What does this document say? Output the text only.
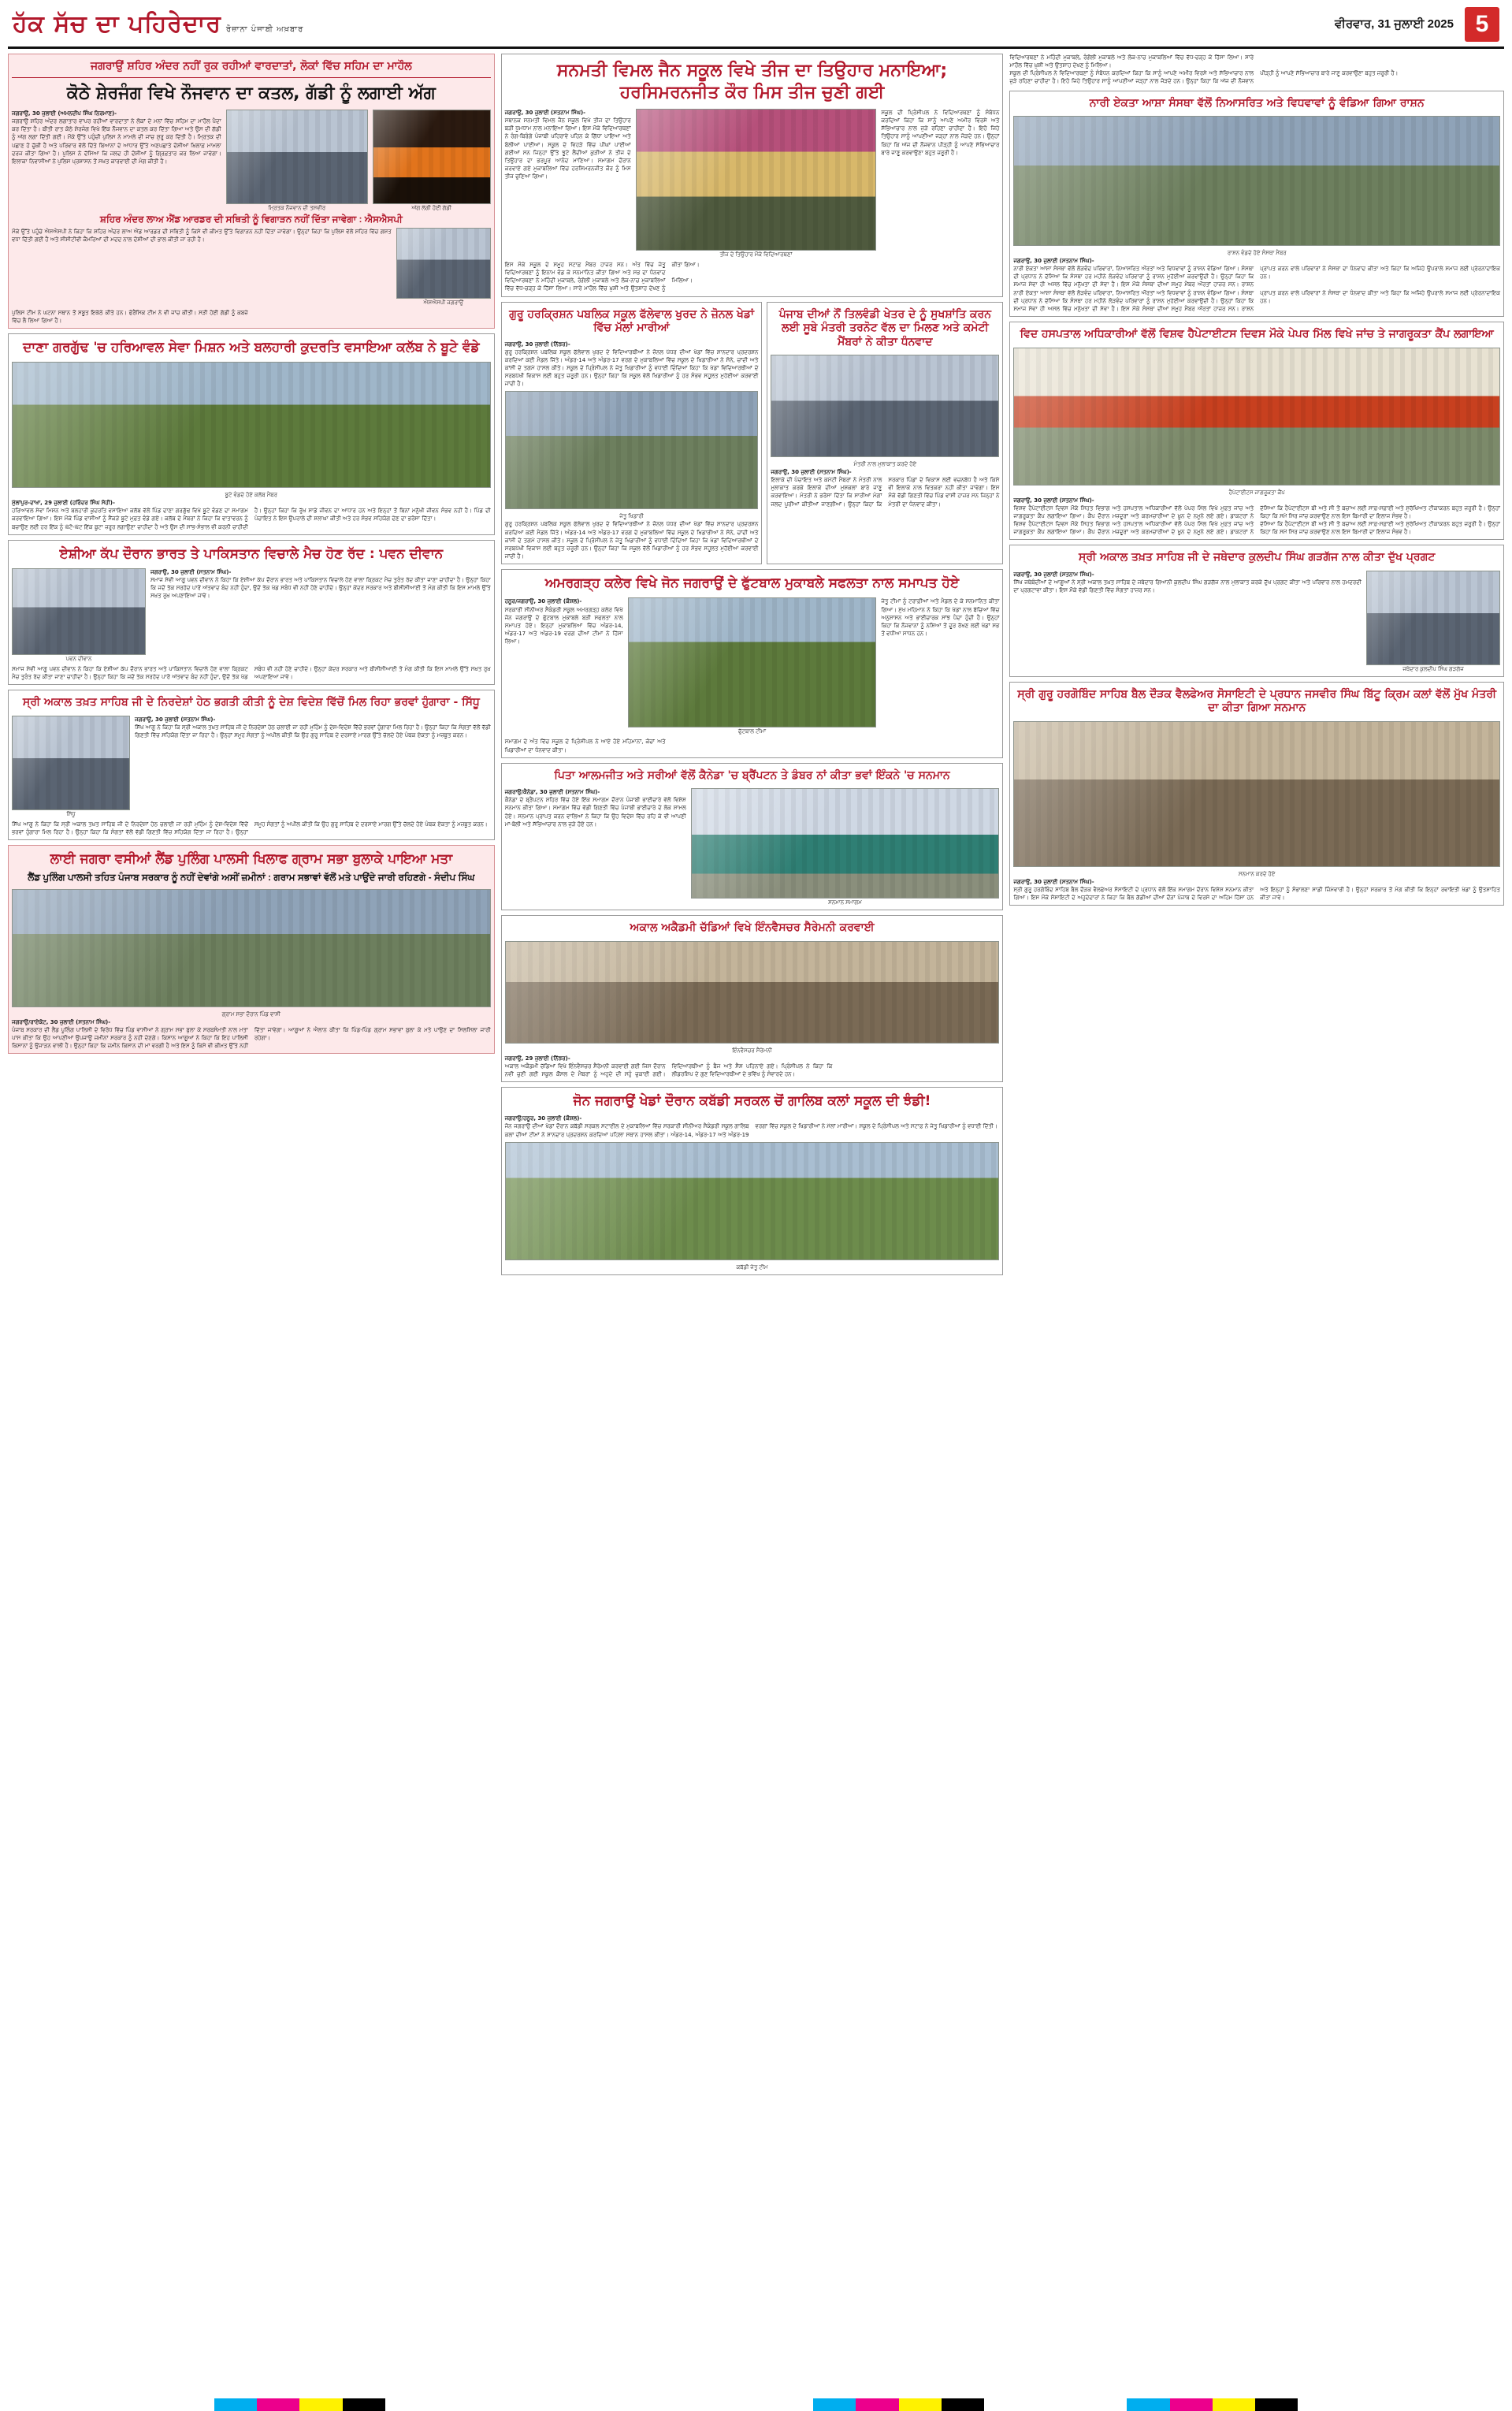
ਹੱਕ ਸੱਚ ਦਾ ਪਹਿਰੇਦਾਰ ਰੋਜ਼ਾਨਾ ਪੰਜਾਬੀ ਅਖ਼ਬਾਰ	ਵੀਰਵਾਰ, 31 ਜੁਲਾਈ 2025 5
ਜਗਰਾਉਂ ਸ਼ਹਿਰ ਅੰਦਰ ਨਹੀਂ ਰੁਕ ਰਹੀਆਂ ਵਾਰਦਾਤਾਂ, ਲੋਕਾਂ ਵਿੱਚ ਸਹਿਮ ਦਾ ਮਾਹੌਲ
ਕੋਠੇ ਸ਼ੇਰਜੰਗ ਵਿਖੇ ਨੌਜਵਾਨ ਦਾ ਕਤਲ, ਗੱਡੀ ਨੂੰ ਲਗਾਈ ਅੱਗ
ਜਗਰਾਉਂ, 30 ਜੁਲਾਈ (ਅਮਨਦੀਪ ਸਿੰਘ ਨਿਰਮਾਣ)-
ਜਗਰਾਉਂ ਸ਼ਹਿਰ ਅੰਦਰ ਲਗਾਤਾਰ ਵਾਪਰ ਰਹੀਆਂ ਵਾਰਦਾਤਾਂ ਨੇ ਲੋਕਾਂ ਦੇ ਮਨਾਂ ਵਿੱਚ ਸਹਿਮ ਦਾ ਮਾਹੌਲ ਪੈਦਾ ਕਰ ਦਿੱਤਾ ਹੈ। ਬੀਤੀ ਰਾਤ ਕੋਠੇ ਸ਼ੇਰਜੰਗ ਵਿਖੇ ਇੱਕ ਨੌਜਵਾਨ ਦਾ ਕਤਲ ਕਰ ਦਿੱਤਾ ਗਿਆ ਅਤੇ ਉਸ ਦੀ ਗੱਡੀ ਨੂੰ ਅੱਗ ਲਗਾ ਦਿੱਤੀ ਗਈ। ਮੌਕੇ ਉੱਤੇ ਪਹੁੰਚੀ ਪੁਲਿਸ ਨੇ ਮਾਮਲੇ ਦੀ ਜਾਂਚ ਸ਼ੁਰੂ ਕਰ ਦਿੱਤੀ ਹੈ। ਮ੍ਰਿਤਕ ਦੀ ਪਛਾਣ ਹੋ ਚੁੱਕੀ ਹੈ ਅਤੇ ਪਰਿਵਾਰ ਵੱਲੋਂ ਦਿੱਤੇ ਬਿਆਨਾਂ ਦੇ ਆਧਾਰ ਉੱਤੇ ਅਣਪਛਾਤੇ ਦੋਸ਼ੀਆਂ ਖ਼ਿਲਾਫ਼ ਮਾਮਲਾ ਦਰਜ ਕੀਤਾ ਗਿਆ ਹੈ। ਪੁਲਿਸ ਨੇ ਦੱਸਿਆ ਕਿ ਜਲਦ ਹੀ ਦੋਸ਼ੀਆਂ ਨੂੰ ਗ੍ਰਿਫ਼ਤਾਰ ਕਰ ਲਿਆ ਜਾਵੇਗਾ। ਇਲਾਕਾ ਨਿਵਾਸੀਆਂ ਨੇ ਪੁਲਿਸ ਪ੍ਰਸ਼ਾਸਨ ਤੋਂ ਸਖ਼ਤ ਕਾਰਵਾਈ ਦੀ ਮੰਗ ਕੀਤੀ ਹੈ।
ਮ੍ਰਿਤਕ ਨੌਜਵਾਨ ਦੀ ਤਸਵੀਰ	ਅੱਗ ਲੱਗੀ ਹੋਈ ਗੱਡੀ
ਸ਼ਹਿਰ ਅੰਦਰ ਲਾਅ ਐਂਡ ਆਰਡਰ ਦੀ ਸਥਿਤੀ ਨੂੰ ਵਿਗਾੜਨ ਨਹੀਂ ਦਿੱਤਾ ਜਾਵੇਗਾ : ਐਸਐਸਪੀ
ਮੌਕੇ ਉੱਤੇ ਪਹੁੰਚੇ ਐਸਐਸਪੀ ਨੇ ਕਿਹਾ ਕਿ ਸ਼ਹਿਰ ਅੰਦਰ ਲਾਅ ਐਂਡ ਆਰਡਰ ਦੀ ਸਥਿਤੀ ਨੂੰ ਕਿਸੇ ਵੀ ਕੀਮਤ ਉੱਤੇ ਵਿਗਾੜਨ ਨਹੀਂ ਦਿੱਤਾ ਜਾਵੇਗਾ। ਉਨ੍ਹਾਂ ਕਿਹਾ ਕਿ ਪੁਲਿਸ ਵੱਲੋਂ ਸ਼ਹਿਰ ਵਿੱਚ ਗਸ਼ਤ ਵਧਾ ਦਿੱਤੀ ਗਈ ਹੈ ਅਤੇ ਸੀਸੀਟੀਵੀ ਕੈਮਰਿਆਂ ਦੀ ਮਦਦ ਨਾਲ ਦੋਸ਼ੀਆਂ ਦੀ ਭਾਲ ਕੀਤੀ ਜਾ ਰਹੀ ਹੈ।
ਐਸਐਸਪੀ ਜਗਰਾਉਂ
ਪੁਲਿਸ ਟੀਮ ਨੇ ਘਟਨਾ ਸਥਾਨ ਤੋਂ ਸਬੂਤ ਇਕੱਠੇ ਕੀਤੇ ਹਨ। ਫੋਰੈਂਸਿਕ ਟੀਮ ਨੇ ਵੀ ਜਾਂਚ ਕੀਤੀ। ਸੜੀ ਹੋਈ ਗੱਡੀ ਨੂੰ ਕਬਜ਼ੇ ਵਿੱਚ ਲੈ ਲਿਆ ਗਿਆ ਹੈ।
ਦਾਣਾ ਗਰਗੁੱਢ 'ਚ ਹਰਿਆਵਲ ਸੇਵਾ ਮਿਸ਼ਨ ਅਤੇ ਬਲਹਾਰੀ ਕੁਦਰਤਿ ਵਸਾਇਆ ਕਲੱਬ ਨੇ ਬੂਟੇ ਵੰਡੇ
ਬੂਟੇ ਵੰਡਦੇ ਹੋਏ ਕਲੱਬ ਮੈਂਬਰ
ਮੁੱਲਾਂਪੁਰ-ਦਾਖਾ, 29 ਜੁਲਾਈ (ਹਰਿੰਦਰ ਸਿੰਘ ਸੋਹੀ)-
ਹਰਿਆਵਲ ਸੇਵਾ ਮਿਸ਼ਨ ਅਤੇ ਬਲਹਾਰੀ ਕੁਦਰਤਿ ਵਸਾਇਆ ਕਲੱਬ ਵੱਲੋਂ ਪਿੰਡ ਦਾਣਾ ਗਰਗੁੱਢ ਵਿਖੇ ਬੂਟੇ ਵੰਡਣ ਦਾ ਸਮਾਗਮ ਕਰਵਾਇਆ ਗਿਆ। ਇਸ ਮੌਕੇ ਪਿੰਡ ਵਾਸੀਆਂ ਨੂੰ ਸੈਂਕੜੇ ਬੂਟੇ ਮੁਫ਼ਤ ਵੰਡੇ ਗਏ। ਕਲੱਬ ਦੇ ਮੈਂਬਰਾਂ ਨੇ ਕਿਹਾ ਕਿ ਵਾਤਾਵਰਨ ਨੂੰ ਬਚਾਉਣ ਲਈ ਹਰ ਇੱਕ ਨੂੰ ਘੱਟੋ-ਘੱਟ ਇੱਕ ਬੂਟਾ ਜ਼ਰੂਰ ਲਗਾਉਣਾ ਚਾਹੀਦਾ ਹੈ ਅਤੇ ਉਸ ਦੀ ਸਾਂਭ-ਸੰਭਾਲ ਵੀ ਕਰਨੀ ਚਾਹੀਦੀ ਹੈ। ਉਨ੍ਹਾਂ ਕਿਹਾ ਕਿ ਰੁੱਖ ਸਾਡੇ ਜੀਵਨ ਦਾ ਆਧਾਰ ਹਨ ਅਤੇ ਇਨ੍ਹਾਂ ਤੋਂ ਬਿਨਾਂ ਮਨੁੱਖੀ ਜੀਵਨ ਸੰਭਵ ਨਹੀਂ ਹੈ। ਪਿੰਡ ਦੀ ਪੰਚਾਇਤ ਨੇ ਇਸ ਉਪਰਾਲੇ ਦੀ ਸ਼ਲਾਘਾ ਕੀਤੀ ਅਤੇ ਹਰ ਸੰਭਵ ਸਹਿਯੋਗ ਦੇਣ ਦਾ ਭਰੋਸਾ ਦਿੱਤਾ।
ਏਸ਼ੀਆ ਕੱਪ ਦੌਰਾਨ ਭਾਰਤ ਤੇ ਪਾਕਿਸਤਾਨ ਵਿਚਾਲੇ ਮੈਚ ਹੋਣ ਰੱਦ : ਪਵਨ ਦੀਵਾਨ
ਪਵਨ ਦੀਵਾਨ
ਜਗਰਾਉਂ, 30 ਜੁਲਾਈ (ਸਤਨਾਮ ਸਿੰਘ)-
ਸਮਾਜ ਸੇਵੀ ਆਗੂ ਪਵਨ ਦੀਵਾਨ ਨੇ ਕਿਹਾ ਕਿ ਏਸ਼ੀਆ ਕੱਪ ਦੌਰਾਨ ਭਾਰਤ ਅਤੇ ਪਾਕਿਸਤਾਨ ਵਿਚਾਲੇ ਹੋਣ ਵਾਲਾ ਕ੍ਰਿਕਟ ਮੈਚ ਤੁਰੰਤ ਰੱਦ ਕੀਤਾ ਜਾਣਾ ਚਾਹੀਦਾ ਹੈ। ਉਨ੍ਹਾਂ ਕਿਹਾ ਕਿ ਜਦੋਂ ਤੱਕ ਸਰਹੱਦ ਪਾਰੋਂ ਅੱਤਵਾਦ ਬੰਦ ਨਹੀਂ ਹੁੰਦਾ, ਉਦੋਂ ਤੱਕ ਖੇਡ ਸਬੰਧ ਵੀ ਨਹੀਂ ਹੋਣੇ ਚਾਹੀਦੇ। ਉਨ੍ਹਾਂ ਕੇਂਦਰ ਸਰਕਾਰ ਅਤੇ ਬੀਸੀਸੀਆਈ ਤੋਂ ਮੰਗ ਕੀਤੀ ਕਿ ਇਸ ਮਾਮਲੇ ਉੱਤੇ ਸਖ਼ਤ ਰੁਖ਼ ਅਪਣਾਇਆ ਜਾਵੇ।
ਸਮਾਜ ਸੇਵੀ ਆਗੂ ਪਵਨ ਦੀਵਾਨ ਨੇ ਕਿਹਾ ਕਿ ਏਸ਼ੀਆ ਕੱਪ ਦੌਰਾਨ ਭਾਰਤ ਅਤੇ ਪਾਕਿਸਤਾਨ ਵਿਚਾਲੇ ਹੋਣ ਵਾਲਾ ਕ੍ਰਿਕਟ ਮੈਚ ਤੁਰੰਤ ਰੱਦ ਕੀਤਾ ਜਾਣਾ ਚਾਹੀਦਾ ਹੈ। ਉਨ੍ਹਾਂ ਕਿਹਾ ਕਿ ਜਦੋਂ ਤੱਕ ਸਰਹੱਦ ਪਾਰੋਂ ਅੱਤਵਾਦ ਬੰਦ ਨਹੀਂ ਹੁੰਦਾ, ਉਦੋਂ ਤੱਕ ਖੇਡ ਸਬੰਧ ਵੀ ਨਹੀਂ ਹੋਣੇ ਚਾਹੀਦੇ। ਉਨ੍ਹਾਂ ਕੇਂਦਰ ਸਰਕਾਰ ਅਤੇ ਬੀਸੀਸੀਆਈ ਤੋਂ ਮੰਗ ਕੀਤੀ ਕਿ ਇਸ ਮਾਮਲੇ ਉੱਤੇ ਸਖ਼ਤ ਰੁਖ਼ ਅਪਣਾਇਆ ਜਾਵੇ।
ਸ੍ਰੀ ਅਕਾਲ ਤਖ਼ਤ ਸਾਹਿਬ ਜੀ ਦੇ ਨਿਰਦੇਸ਼ਾਂ ਹੇਠ ਭਗਤੀ ਕੀਤੀ ਨੂੰ ਦੇਸ਼ ਵਿਦੇਸ਼ ਵਿੱਚੋਂ ਮਿਲ ਰਿਹਾ ਭਰਵਾਂ ਹੁੰਗਾਰਾ - ਸਿੱਧੂ
ਸਿੱਧੂ
ਜਗਰਾਉਂ, 30 ਜੁਲਾਈ (ਸਤਨਾਮ ਸਿੰਘ)-
ਸਿੱਖ ਆਗੂ ਨੇ ਕਿਹਾ ਕਿ ਸ੍ਰੀ ਅਕਾਲ ਤਖ਼ਤ ਸਾਹਿਬ ਜੀ ਦੇ ਨਿਰਦੇਸ਼ਾਂ ਹੇਠ ਚਲਾਈ ਜਾ ਰਹੀ ਮੁਹਿੰਮ ਨੂੰ ਦੇਸ਼-ਵਿਦੇਸ਼ ਵਿੱਚੋਂ ਭਰਵਾਂ ਹੁੰਗਾਰਾ ਮਿਲ ਰਿਹਾ ਹੈ। ਉਨ੍ਹਾਂ ਕਿਹਾ ਕਿ ਸੰਗਤਾਂ ਵੱਲੋਂ ਵੱਡੀ ਗਿਣਤੀ ਵਿੱਚ ਸਹਿਯੋਗ ਦਿੱਤਾ ਜਾ ਰਿਹਾ ਹੈ। ਉਨ੍ਹਾਂ ਸਮੂਹ ਸੰਗਤਾਂ ਨੂੰ ਅਪੀਲ ਕੀਤੀ ਕਿ ਉਹ ਗੁਰੂ ਸਾਹਿਬ ਦੇ ਦਰਸਾਏ ਮਾਰਗ ਉੱਤੇ ਚੱਲਦੇ ਹੋਏ ਪੰਥਕ ਏਕਤਾ ਨੂੰ ਮਜ਼ਬੂਤ ਕਰਨ।
ਸਿੱਖ ਆਗੂ ਨੇ ਕਿਹਾ ਕਿ ਸ੍ਰੀ ਅਕਾਲ ਤਖ਼ਤ ਸਾਹਿਬ ਜੀ ਦੇ ਨਿਰਦੇਸ਼ਾਂ ਹੇਠ ਚਲਾਈ ਜਾ ਰਹੀ ਮੁਹਿੰਮ ਨੂੰ ਦੇਸ਼-ਵਿਦੇਸ਼ ਵਿੱਚੋਂ ਭਰਵਾਂ ਹੁੰਗਾਰਾ ਮਿਲ ਰਿਹਾ ਹੈ। ਉਨ੍ਹਾਂ ਕਿਹਾ ਕਿ ਸੰਗਤਾਂ ਵੱਲੋਂ ਵੱਡੀ ਗਿਣਤੀ ਵਿੱਚ ਸਹਿਯੋਗ ਦਿੱਤਾ ਜਾ ਰਿਹਾ ਹੈ। ਉਨ੍ਹਾਂ ਸਮੂਹ ਸੰਗਤਾਂ ਨੂੰ ਅਪੀਲ ਕੀਤੀ ਕਿ ਉਹ ਗੁਰੂ ਸਾਹਿਬ ਦੇ ਦਰਸਾਏ ਮਾਰਗ ਉੱਤੇ ਚੱਲਦੇ ਹੋਏ ਪੰਥਕ ਏਕਤਾ ਨੂੰ ਮਜ਼ਬੂਤ ਕਰਨ।
ਲਾਈ ਜਗਰਾ ਵਸੀਆਂ ਲੈਂਡ ਪੁਲਿੰਗ ਪਾਲਸੀ ਖਿਲਾਫ ਗ੍ਰਾਮ ਸਭਾ ਬੁਲਾਕੇ ਪਾਇਆ ਮਤਾ
ਲੈਂਡ ਪੁਲਿੰਗ ਪਾਲਸੀ ਤਹਿਤ ਪੰਜਾਬ ਸਰਕਾਰ ਨੂੰ ਨਹੀਂ ਦੇਵਾਂਗੇ ਅਸੀਂ ਜ਼ਮੀਨਾਂ : ਗਰਾਮ ਸਭਾਵਾਂ ਵੱਲੋਂ ਮਤੇ ਪਾਉਂਦੇ ਜਾਰੀ ਰਹਿਣਗੇ - ਸੰਦੀਪ ਸਿੰਘ
ਗ੍ਰਾਮ ਸਭਾ ਦੌਰਾਨ ਪਿੰਡ ਵਾਸੀ
ਜਗਰਾਉਂ/ਰਾਏਕੋਟ, 30 ਜੁਲਾਈ (ਸਤਨਾਮ ਸਿੰਘ)-
ਪੰਜਾਬ ਸਰਕਾਰ ਦੀ ਲੈਂਡ ਪੂਲਿੰਗ ਪਾਲਿਸੀ ਦੇ ਵਿਰੋਧ ਵਿੱਚ ਪਿੰਡ ਵਾਸੀਆਂ ਨੇ ਗ੍ਰਾਮ ਸਭਾ ਬੁਲਾ ਕੇ ਸਰਬਸੰਮਤੀ ਨਾਲ ਮਤਾ ਪਾਸ ਕੀਤਾ ਕਿ ਉਹ ਆਪਣੀਆਂ ਉਪਜਾਊ ਜ਼ਮੀਨਾਂ ਸਰਕਾਰ ਨੂੰ ਨਹੀਂ ਦੇਣਗੇ। ਕਿਸਾਨ ਆਗੂਆਂ ਨੇ ਕਿਹਾ ਕਿ ਇਹ ਪਾਲਿਸੀ ਕਿਸਾਨਾਂ ਨੂੰ ਉਜਾੜਨ ਵਾਲੀ ਹੈ। ਉਨ੍ਹਾਂ ਕਿਹਾ ਕਿ ਜ਼ਮੀਨ ਕਿਸਾਨ ਦੀ ਮਾਂ ਵਰਗੀ ਹੈ ਅਤੇ ਇਸ ਨੂੰ ਕਿਸੇ ਵੀ ਕੀਮਤ ਉੱਤੇ ਨਹੀਂ ਦਿੱਤਾ ਜਾਵੇਗਾ। ਆਗੂਆਂ ਨੇ ਐਲਾਨ ਕੀਤਾ ਕਿ ਪਿੰਡ-ਪਿੰਡ ਗ੍ਰਾਮ ਸਭਾਵਾਂ ਬੁਲਾ ਕੇ ਮਤੇ ਪਾਉਣ ਦਾ ਸਿਲਸਿਲਾ ਜਾਰੀ ਰਹੇਗਾ।
ਸਨਮਤੀ ਵਿਮਲ ਜੈਨ ਸਕੂਲ ਵਿਖੇ ਤੀਜ ਦਾ ਤਿਉਹਾਰ ਮਨਾਇਆ; ਹਰਸਿਮਰਨਜੀਤ ਕੌਰ ਮਿਸ ਤੀਜ ਚੁਣੀ ਗਈ
ਜਗਰਾਉਂ, 30 ਜੁਲਾਈ (ਸਤਨਾਮ ਸਿੰਘ)-
ਸਥਾਨਕ ਸਨਮਤੀ ਵਿਮਲ ਜੈਨ ਸਕੂਲ ਵਿਖੇ ਤੀਜ ਦਾ ਤਿਉਹਾਰ ਬੜੀ ਧੂਮਧਾਮ ਨਾਲ ਮਨਾਇਆ ਗਿਆ। ਇਸ ਮੌਕੇ ਵਿਦਿਆਰਥਣਾਂ ਨੇ ਰੰਗ-ਬਿਰੰਗੇ ਪੰਜਾਬੀ ਪਹਿਰਾਵੇ ਪਹਿਨ ਕੇ ਗਿੱਧਾ ਪਾਇਆ ਅਤੇ ਬੋਲੀਆਂ ਪਾਈਆਂ। ਸਕੂਲ ਦੇ ਵਿਹੜੇ ਵਿੱਚ ਪੀਂਘਾਂ ਪਾਈਆਂ ਗਈਆਂ ਸਨ ਜਿਨ੍ਹਾਂ ਉੱਤੇ ਝੂਟੇ ਲੈਂਦੀਆਂ ਕੁੜੀਆਂ ਨੇ ਤੀਜ ਦੇ ਤਿਉਹਾਰ ਦਾ ਭਰਪੂਰ ਆਨੰਦ ਮਾਣਿਆ। ਸਮਾਗਮ ਦੌਰਾਨ ਕਰਵਾਏ ਗਏ ਮੁਕਾਬਲਿਆਂ ਵਿੱਚ ਹਰਸਿਮਰਨਜੀਤ ਕੌਰ ਨੂੰ ਮਿਸ ਤੀਜ ਚੁਣਿਆ ਗਿਆ।
ਤੀਜ ਦੇ ਤਿਉਹਾਰ ਮੌਕੇ ਵਿਦਿਆਰਥਣਾਂ
ਸਕੂਲ ਦੀ ਪ੍ਰਿੰਸੀਪਲ ਨੇ ਵਿਦਿਆਰਥਣਾਂ ਨੂੰ ਸੰਬੋਧਨ ਕਰਦਿਆਂ ਕਿਹਾ ਕਿ ਸਾਨੂੰ ਆਪਣੇ ਅਮੀਰ ਵਿਰਸੇ ਅਤੇ ਸੱਭਿਆਚਾਰ ਨਾਲ ਜੁੜੇ ਰਹਿਣਾ ਚਾਹੀਦਾ ਹੈ। ਇਹੋ ਜਿਹੇ ਤਿਉਹਾਰ ਸਾਨੂੰ ਆਪਣੀਆਂ ਜੜ੍ਹਾਂ ਨਾਲ ਜੋੜਦੇ ਹਨ। ਉਨ੍ਹਾਂ ਕਿਹਾ ਕਿ ਅੱਜ ਦੀ ਨੌਜਵਾਨ ਪੀੜ੍ਹੀ ਨੂੰ ਆਪਣੇ ਸੱਭਿਆਚਾਰ ਬਾਰੇ ਜਾਣੂ ਕਰਵਾਉਣਾ ਬਹੁਤ ਜ਼ਰੂਰੀ ਹੈ।
ਇਸ ਮੌਕੇ ਸਕੂਲ ਦੇ ਸਮੂਹ ਸਟਾਫ਼ ਮੈਂਬਰ ਹਾਜ਼ਰ ਸਨ। ਅੰਤ ਵਿੱਚ ਜੇਤੂ ਵਿਦਿਆਰਥਣਾਂ ਨੂੰ ਇਨਾਮ ਵੰਡ ਕੇ ਸਨਮਾਨਿਤ ਕੀਤਾ ਗਿਆ ਅਤੇ ਸਭ ਦਾ ਧੰਨਵਾਦ ਕੀਤਾ ਗਿਆ।
ਵਿਦਿਆਰਥਣਾਂ ਨੇ ਮਹਿੰਦੀ ਮੁਕਾਬਲੇ, ਰੰਗੋਲੀ ਮੁਕਾਬਲੇ ਅਤੇ ਲੋਕ-ਨਾਚ ਮੁਕਾਬਲਿਆਂ ਵਿੱਚ ਵੱਧ-ਚੜ੍ਹ ਕੇ ਹਿੱਸਾ ਲਿਆ। ਸਾਰੇ ਮਾਹੌਲ ਵਿੱਚ ਖ਼ੁਸ਼ੀ ਅਤੇ ਉਤਸ਼ਾਹ ਦੇਖਣ ਨੂੰ ਮਿਲਿਆ।
ਗੁਰੂ ਹਰਕ੍ਰਿਸ਼ਨ ਪਬਲਿਕ ਸਕੂਲ ਫੱਲੇਵਾਲ ਖੁਰਦ ਨੇ ਜ਼ੋਨਲ ਖੇਡਾਂ ਵਿੱਚ ਮੱਲਾਂ ਮਾਰੀਆਂ
ਜਗਰਾਉਂ, 30 ਜੁਲਾਈ (ਨਿੱਝਰ)-
ਗੁਰੂ ਹਰਕ੍ਰਿਸ਼ਨ ਪਬਲਿਕ ਸਕੂਲ ਫੱਲੇਵਾਲ ਖੁਰਦ ਦੇ ਵਿਦਿਆਰਥੀਆਂ ਨੇ ਜ਼ੋਨਲ ਪੱਧਰ ਦੀਆਂ ਖੇਡਾਂ ਵਿੱਚ ਸ਼ਾਨਦਾਰ ਪ੍ਰਦਰਸ਼ਨ ਕਰਦਿਆਂ ਕਈ ਮੈਡਲ ਜਿੱਤੇ। ਅੰਡਰ-14 ਅਤੇ ਅੰਡਰ-17 ਵਰਗ ਦੇ ਮੁਕਾਬਲਿਆਂ ਵਿੱਚ ਸਕੂਲ ਦੇ ਖਿਡਾਰੀਆਂ ਨੇ ਸੋਨੇ, ਚਾਂਦੀ ਅਤੇ ਕਾਂਸੀ ਦੇ ਤਗਮੇ ਹਾਸਲ ਕੀਤੇ। ਸਕੂਲ ਦੇ ਪ੍ਰਿੰਸੀਪਲ ਨੇ ਜੇਤੂ ਖਿਡਾਰੀਆਂ ਨੂੰ ਵਧਾਈ ਦਿੰਦਿਆਂ ਕਿਹਾ ਕਿ ਖੇਡਾਂ ਵਿਦਿਆਰਥੀਆਂ ਦੇ ਸਰਬਪੱਖੀ ਵਿਕਾਸ ਲਈ ਬਹੁਤ ਜ਼ਰੂਰੀ ਹਨ। ਉਨ੍ਹਾਂ ਕਿਹਾ ਕਿ ਸਕੂਲ ਵੱਲੋਂ ਖਿਡਾਰੀਆਂ ਨੂੰ ਹਰ ਸੰਭਵ ਸਹੂਲਤ ਮੁਹੱਈਆ ਕਰਵਾਈ ਜਾਂਦੀ ਹੈ।
ਜੇਤੂ ਖਿਡਾਰੀ
ਗੁਰੂ ਹਰਕ੍ਰਿਸ਼ਨ ਪਬਲਿਕ ਸਕੂਲ ਫੱਲੇਵਾਲ ਖੁਰਦ ਦੇ ਵਿਦਿਆਰਥੀਆਂ ਨੇ ਜ਼ੋਨਲ ਪੱਧਰ ਦੀਆਂ ਖੇਡਾਂ ਵਿੱਚ ਸ਼ਾਨਦਾਰ ਪ੍ਰਦਰਸ਼ਨ ਕਰਦਿਆਂ ਕਈ ਮੈਡਲ ਜਿੱਤੇ। ਅੰਡਰ-14 ਅਤੇ ਅੰਡਰ-17 ਵਰਗ ਦੇ ਮੁਕਾਬਲਿਆਂ ਵਿੱਚ ਸਕੂਲ ਦੇ ਖਿਡਾਰੀਆਂ ਨੇ ਸੋਨੇ, ਚਾਂਦੀ ਅਤੇ ਕਾਂਸੀ ਦੇ ਤਗਮੇ ਹਾਸਲ ਕੀਤੇ। ਸਕੂਲ ਦੇ ਪ੍ਰਿੰਸੀਪਲ ਨੇ ਜੇਤੂ ਖਿਡਾਰੀਆਂ ਨੂੰ ਵਧਾਈ ਦਿੰਦਿਆਂ ਕਿਹਾ ਕਿ ਖੇਡਾਂ ਵਿਦਿਆਰਥੀਆਂ ਦੇ ਸਰਬਪੱਖੀ ਵਿਕਾਸ ਲਈ ਬਹੁਤ ਜ਼ਰੂਰੀ ਹਨ। ਉਨ੍ਹਾਂ ਕਿਹਾ ਕਿ ਸਕੂਲ ਵੱਲੋਂ ਖਿਡਾਰੀਆਂ ਨੂੰ ਹਰ ਸੰਭਵ ਸਹੂਲਤ ਮੁਹੱਈਆ ਕਰਵਾਈ ਜਾਂਦੀ ਹੈ।
ਪੰਜਾਬ ਦੀਆਂ ਨੌਂ ਤਿਲਵੰਡੀ ਖੇਤਰ ਦੇ ਨੂੰ ਸੁਖਸ਼ਾਂਤਿ ਕਰਨ ਲਈ ਸੂਬੇ ਮੰਤਰੀ ਤਰਨੋਟ ਵੱਲ ਦਾ ਮਿਲਣ ਅਤੇ ਕਮੇਟੀ ਮੈਂਬਰਾਂ ਨੇ ਕੀਤਾ ਧੰਨਵਾਦ
ਮੰਤਰੀ ਨਾਲ ਮੁਲਾਕਾਤ ਕਰਦੇ ਹੋਏ
ਜਗਰਾਉਂ, 30 ਜੁਲਾਈ (ਸਤਨਾਮ ਸਿੰਘ)-
ਇਲਾਕੇ ਦੀ ਪੰਚਾਇਤ ਅਤੇ ਕਮੇਟੀ ਮੈਂਬਰਾਂ ਨੇ ਮੰਤਰੀ ਨਾਲ ਮੁਲਾਕਾਤ ਕਰਕੇ ਇਲਾਕੇ ਦੀਆਂ ਮੁਸ਼ਕਲਾਂ ਬਾਰੇ ਜਾਣੂ ਕਰਵਾਇਆ। ਮੰਤਰੀ ਨੇ ਭਰੋਸਾ ਦਿੱਤਾ ਕਿ ਸਾਰੀਆਂ ਮੰਗਾਂ ਜਲਦ ਪੂਰੀਆਂ ਕੀਤੀਆਂ ਜਾਣਗੀਆਂ। ਉਨ੍ਹਾਂ ਕਿਹਾ ਕਿ ਸਰਕਾਰ ਪਿੰਡਾਂ ਦੇ ਵਿਕਾਸ ਲਈ ਵਚਨਬੱਧ ਹੈ ਅਤੇ ਕਿਸੇ ਵੀ ਇਲਾਕੇ ਨਾਲ ਵਿਤਕਰਾ ਨਹੀਂ ਕੀਤਾ ਜਾਵੇਗਾ। ਇਸ ਮੌਕੇ ਵੱਡੀ ਗਿਣਤੀ ਵਿੱਚ ਪਿੰਡ ਵਾਸੀ ਹਾਜ਼ਰ ਸਨ ਜਿਨ੍ਹਾਂ ਨੇ ਮੰਤਰੀ ਦਾ ਧੰਨਵਾਦ ਕੀਤਾ।
ਅਮਰਗੜ੍ਹ ਕਲੇਰ ਵਿਖੇ ਜੋਨ ਜਗਰਾਉਂ ਦੇ ਫੁੱਟਬਾਲ ਮੁਕਾਬਲੇ ਸਫਲਤਾ ਨਾਲ ਸਮਾਪਤ ਹੋਏ
ਹਠੂਰ/ਜਗਰਾਉਂ, 30 ਜੁਲਾਈ (ਕੌਸ਼ਲ)-
ਸਰਕਾਰੀ ਸੀਨੀਅਰ ਸੈਕੰਡਰੀ ਸਕੂਲ ਅਮਰਗੜ੍ਹ ਕਲੇਰ ਵਿਖੇ ਜੋਨ ਜਗਰਾਉਂ ਦੇ ਫੁੱਟਬਾਲ ਮੁਕਾਬਲੇ ਬੜੀ ਸਫਲਤਾ ਨਾਲ ਸਮਾਪਤ ਹੋਏ। ਇਨ੍ਹਾਂ ਮੁਕਾਬਲਿਆਂ ਵਿੱਚ ਅੰਡਰ-14, ਅੰਡਰ-17 ਅਤੇ ਅੰਡਰ-19 ਵਰਗ ਦੀਆਂ ਟੀਮਾਂ ਨੇ ਹਿੱਸਾ ਲਿਆ।
ਫੁੱਟਬਾਲ ਟੀਮਾਂ
ਜੇਤੂ ਟੀਮਾਂ ਨੂੰ ਟਰਾਫ਼ੀਆਂ ਅਤੇ ਮੈਡਲ ਦੇ ਕੇ ਸਨਮਾਨਿਤ ਕੀਤਾ ਗਿਆ। ਮੁੱਖ ਮਹਿਮਾਨ ਨੇ ਕਿਹਾ ਕਿ ਖੇਡਾਂ ਨਾਲ ਬੱਚਿਆਂ ਵਿੱਚ ਅਨੁਸ਼ਾਸਨ ਅਤੇ ਭਾਈਚਾਰਕ ਸਾਂਝ ਪੈਦਾ ਹੁੰਦੀ ਹੈ। ਉਨ੍ਹਾਂ ਕਿਹਾ ਕਿ ਨੌਜਵਾਨਾਂ ਨੂੰ ਨਸ਼ਿਆਂ ਤੋਂ ਦੂਰ ਰੱਖਣ ਲਈ ਖੇਡਾਂ ਸਭ ਤੋਂ ਵਧੀਆ ਸਾਧਨ ਹਨ।
ਸਮਾਗਮ ਦੇ ਅੰਤ ਵਿੱਚ ਸਕੂਲ ਦੇ ਪ੍ਰਿੰਸੀਪਲ ਨੇ ਆਏ ਹੋਏ ਮਹਿਮਾਨਾਂ, ਕੋਚਾਂ ਅਤੇ ਖਿਡਾਰੀਆਂ ਦਾ ਧੰਨਵਾਦ ਕੀਤਾ।
ਪਿਤਾ ਆਲਮਜੀਤ ਅਤੇ ਸਰੀਆਂ ਵੱਲੋਂ ਕੈਨੇਡਾ 'ਚ ਬ੍ਰੈਂਪਟਨ ਤੇ ਡੰਬਰ ਨਾਂ ਕੀਤਾ ਭਵਾਂ ਇੰਕਨੇ 'ਚ ਸਨਮਾਨ
ਜਗਰਾਉਂ/ਕੈਨੇਡਾ, 30 ਜੁਲਾਈ (ਸਤਨਾਮ ਸਿੰਘ)-
ਕੈਨੇਡਾ ਦੇ ਬ੍ਰੈਂਪਟਨ ਸ਼ਹਿਰ ਵਿੱਚ ਹੋਏ ਇੱਕ ਸਮਾਗਮ ਦੌਰਾਨ ਪੰਜਾਬੀ ਭਾਈਚਾਰੇ ਵੱਲੋਂ ਵਿਸ਼ੇਸ਼ ਸਨਮਾਨ ਕੀਤਾ ਗਿਆ। ਸਮਾਗਮ ਵਿੱਚ ਵੱਡੀ ਗਿਣਤੀ ਵਿੱਚ ਪੰਜਾਬੀ ਭਾਈਚਾਰੇ ਦੇ ਲੋਕ ਸ਼ਾਮਲ ਹੋਏ। ਸਨਮਾਨ ਪ੍ਰਾਪਤ ਕਰਨ ਵਾਲਿਆਂ ਨੇ ਕਿਹਾ ਕਿ ਉਹ ਵਿਦੇਸ਼ ਵਿੱਚ ਰਹਿ ਕੇ ਵੀ ਆਪਣੀ ਮਾਂ-ਬੋਲੀ ਅਤੇ ਸੱਭਿਆਚਾਰ ਨਾਲ ਜੁੜੇ ਹੋਏ ਹਨ।
ਸਨਮਾਨ ਸਮਾਗਮ
ਅਕਾਲ ਅਕੈਡਮੀ ਚੱਡਿਆਂ ਵਿਖੇ ਇੰਨਵੈਸਚਰ ਸੈਰੇਮਨੀ ਕਰਵਾਈ
ਇੰਨਵੈਸਚਰ ਸੈਰੇਮਨੀ
ਜਗਰਾਉਂ, 29 ਜੁਲਾਈ (ਨਿੱਝਰ)-
ਅਕਾਲ ਅਕੈਡਮੀ ਚੱਡਿਆਂ ਵਿਖੇ ਇੰਨਵੈਸਚਰ ਸੈਰੇਮਨੀ ਕਰਵਾਈ ਗਈ ਜਿਸ ਦੌਰਾਨ ਨਵੀਂ ਚੁਣੀ ਗਈ ਸਕੂਲ ਕੌਂਸਲ ਦੇ ਮੈਂਬਰਾਂ ਨੂੰ ਅਹੁਦੇ ਦੀ ਸਹੁੰ ਚੁਕਾਈ ਗਈ। ਵਿਦਿਆਰਥੀਆਂ ਨੂੰ ਬੈਜ ਅਤੇ ਸੈਸ਼ ਪਹਿਨਾਏ ਗਏ। ਪ੍ਰਿੰਸੀਪਲ ਨੇ ਕਿਹਾ ਕਿ ਲੀਡਰਸ਼ਿਪ ਦੇ ਗੁਣ ਵਿਦਿਆਰਥੀਆਂ ਦੇ ਭਵਿੱਖ ਨੂੰ ਸੰਵਾਰਦੇ ਹਨ।
ਜੋਨ ਜਗਰਾਉਂ ਖੇਡਾਂ ਦੌਰਾਨ ਕਬੱਡੀ ਸਰਕਲ ਚੋਂ ਗਾਲਿਬ ਕਲਾਂ ਸਕੂਲ ਦੀ ਝੰਡੀ!
ਜਗਰਾਉਂ/ਹਠੂਰ, 30 ਜੁਲਾਈ (ਕੌਸ਼ਲ)-
ਜੋਨ ਜਗਰਾਉਂ ਦੀਆਂ ਖੇਡਾਂ ਦੌਰਾਨ ਕਬੱਡੀ ਸਰਕਲ ਸਟਾਈਲ ਦੇ ਮੁਕਾਬਲਿਆਂ ਵਿੱਚ ਸਰਕਾਰੀ ਸੀਨੀਅਰ ਸੈਕੰਡਰੀ ਸਕੂਲ ਗਾਲਿਬ ਕਲਾਂ ਦੀਆਂ ਟੀਮਾਂ ਨੇ ਸ਼ਾਨਦਾਰ ਪ੍ਰਦਰਸ਼ਨ ਕਰਦਿਆਂ ਪਹਿਲਾ ਸਥਾਨ ਹਾਸਲ ਕੀਤਾ। ਅੰਡਰ-14, ਅੰਡਰ-17 ਅਤੇ ਅੰਡਰ-19 ਵਰਗਾਂ ਵਿੱਚ ਸਕੂਲ ਦੇ ਖਿਡਾਰੀਆਂ ਨੇ ਮੱਲਾਂ ਮਾਰੀਆਂ। ਸਕੂਲ ਦੇ ਪ੍ਰਿੰਸੀਪਲ ਅਤੇ ਸਟਾਫ਼ ਨੇ ਜੇਤੂ ਖਿਡਾਰੀਆਂ ਨੂੰ ਵਧਾਈ ਦਿੱਤੀ।
ਕਬੱਡੀ ਜੇਤੂ ਟੀਮ
ਵਿਦਿਆਰਥਣਾਂ ਨੇ ਮਹਿੰਦੀ ਮੁਕਾਬਲੇ, ਰੰਗੋਲੀ ਮੁਕਾਬਲੇ ਅਤੇ ਲੋਕ-ਨਾਚ ਮੁਕਾਬਲਿਆਂ ਵਿੱਚ ਵੱਧ-ਚੜ੍ਹ ਕੇ ਹਿੱਸਾ ਲਿਆ। ਸਾਰੇ ਮਾਹੌਲ ਵਿੱਚ ਖ਼ੁਸ਼ੀ ਅਤੇ ਉਤਸ਼ਾਹ ਦੇਖਣ ਨੂੰ ਮਿਲਿਆ।
ਸਕੂਲ ਦੀ ਪ੍ਰਿੰਸੀਪਲ ਨੇ ਵਿਦਿਆਰਥਣਾਂ ਨੂੰ ਸੰਬੋਧਨ ਕਰਦਿਆਂ ਕਿਹਾ ਕਿ ਸਾਨੂੰ ਆਪਣੇ ਅਮੀਰ ਵਿਰਸੇ ਅਤੇ ਸੱਭਿਆਚਾਰ ਨਾਲ ਜੁੜੇ ਰਹਿਣਾ ਚਾਹੀਦਾ ਹੈ। ਇਹੋ ਜਿਹੇ ਤਿਉਹਾਰ ਸਾਨੂੰ ਆਪਣੀਆਂ ਜੜ੍ਹਾਂ ਨਾਲ ਜੋੜਦੇ ਹਨ। ਉਨ੍ਹਾਂ ਕਿਹਾ ਕਿ ਅੱਜ ਦੀ ਨੌਜਵਾਨ ਪੀੜ੍ਹੀ ਨੂੰ ਆਪਣੇ ਸੱਭਿਆਚਾਰ ਬਾਰੇ ਜਾਣੂ ਕਰਵਾਉਣਾ ਬਹੁਤ ਜ਼ਰੂਰੀ ਹੈ।
ਨਾਰੀ ਏਕਤਾ ਆਸ਼ਾ ਸੰਸਥਾ ਵੱਲੋਂ ਨਿਆਸਰਿਤ ਅਤੇ ਵਿਧਵਾਵਾਂ ਨੂੰ ਵੰਡਿਆ ਗਿਆ ਰਾਸ਼ਨ
ਰਾਸ਼ਨ ਵੰਡਦੇ ਹੋਏ ਸੰਸਥਾ ਮੈਂਬਰ
ਜਗਰਾਉਂ, 30 ਜੁਲਾਈ (ਸਤਨਾਮ ਸਿੰਘ)-
ਨਾਰੀ ਏਕਤਾ ਆਸ਼ਾ ਸੰਸਥਾ ਵੱਲੋਂ ਲੋੜਵੰਦ ਪਰਿਵਾਰਾਂ, ਨਿਆਸਰਿਤ ਔਰਤਾਂ ਅਤੇ ਵਿਧਵਾਵਾਂ ਨੂੰ ਰਾਸ਼ਨ ਵੰਡਿਆ ਗਿਆ। ਸੰਸਥਾ ਦੀ ਪ੍ਰਧਾਨ ਨੇ ਦੱਸਿਆ ਕਿ ਸੰਸਥਾ ਹਰ ਮਹੀਨੇ ਲੋੜਵੰਦ ਪਰਿਵਾਰਾਂ ਨੂੰ ਰਾਸ਼ਨ ਮੁਹੱਈਆ ਕਰਵਾਉਂਦੀ ਹੈ। ਉਨ੍ਹਾਂ ਕਿਹਾ ਕਿ ਸਮਾਜ ਸੇਵਾ ਹੀ ਅਸਲ ਵਿੱਚ ਮਨੁੱਖਤਾ ਦੀ ਸੇਵਾ ਹੈ। ਇਸ ਮੌਕੇ ਸੰਸਥਾ ਦੀਆਂ ਸਮੂਹ ਮੈਂਬਰ ਔਰਤਾਂ ਹਾਜ਼ਰ ਸਨ। ਰਾਸ਼ਨ ਪ੍ਰਾਪਤ ਕਰਨ ਵਾਲੇ ਪਰਿਵਾਰਾਂ ਨੇ ਸੰਸਥਾ ਦਾ ਧੰਨਵਾਦ ਕੀਤਾ ਅਤੇ ਕਿਹਾ ਕਿ ਅਜਿਹੇ ਉਪਰਾਲੇ ਸਮਾਜ ਲਈ ਪ੍ਰੇਰਨਾਦਾਇਕ ਹਨ।
ਨਾਰੀ ਏਕਤਾ ਆਸ਼ਾ ਸੰਸਥਾ ਵੱਲੋਂ ਲੋੜਵੰਦ ਪਰਿਵਾਰਾਂ, ਨਿਆਸਰਿਤ ਔਰਤਾਂ ਅਤੇ ਵਿਧਵਾਵਾਂ ਨੂੰ ਰਾਸ਼ਨ ਵੰਡਿਆ ਗਿਆ। ਸੰਸਥਾ ਦੀ ਪ੍ਰਧਾਨ ਨੇ ਦੱਸਿਆ ਕਿ ਸੰਸਥਾ ਹਰ ਮਹੀਨੇ ਲੋੜਵੰਦ ਪਰਿਵਾਰਾਂ ਨੂੰ ਰਾਸ਼ਨ ਮੁਹੱਈਆ ਕਰਵਾਉਂਦੀ ਹੈ। ਉਨ੍ਹਾਂ ਕਿਹਾ ਕਿ ਸਮਾਜ ਸੇਵਾ ਹੀ ਅਸਲ ਵਿੱਚ ਮਨੁੱਖਤਾ ਦੀ ਸੇਵਾ ਹੈ। ਇਸ ਮੌਕੇ ਸੰਸਥਾ ਦੀਆਂ ਸਮੂਹ ਮੈਂਬਰ ਔਰਤਾਂ ਹਾਜ਼ਰ ਸਨ। ਰਾਸ਼ਨ ਪ੍ਰਾਪਤ ਕਰਨ ਵਾਲੇ ਪਰਿਵਾਰਾਂ ਨੇ ਸੰਸਥਾ ਦਾ ਧੰਨਵਾਦ ਕੀਤਾ ਅਤੇ ਕਿਹਾ ਕਿ ਅਜਿਹੇ ਉਪਰਾਲੇ ਸਮਾਜ ਲਈ ਪ੍ਰੇਰਨਾਦਾਇਕ ਹਨ।
ਵਿਦ ਹਸਪਤਾਲ ਅਧਿਕਾਰੀਆਂ ਵੱਲੋਂ ਵਿਸ਼ਵ ਹੈਪੇਟਾਈਟਸ ਦਿਵਸ ਮੌਕੇ ਪੇਪਰ ਮਿੱਲ ਵਿਖੇ ਜਾਂਚ ਤੇ ਜਾਗਰੂਕਤਾ ਕੈਂਪ ਲਗਾਇਆ
ਹੈਪੇਟਾਈਟਸ ਜਾਗਰੂਕਤਾ ਕੈਂਪ
ਜਗਰਾਉਂ, 30 ਜੁਲਾਈ (ਸਤਨਾਮ ਸਿੰਘ)-
ਵਿਸ਼ਵ ਹੈਪੇਟਾਈਟਸ ਦਿਵਸ ਮੌਕੇ ਸਿਹਤ ਵਿਭਾਗ ਅਤੇ ਹਸਪਤਾਲ ਅਧਿਕਾਰੀਆਂ ਵੱਲੋਂ ਪੇਪਰ ਮਿੱਲ ਵਿਖੇ ਮੁਫ਼ਤ ਜਾਂਚ ਅਤੇ ਜਾਗਰੂਕਤਾ ਕੈਂਪ ਲਗਾਇਆ ਗਿਆ। ਕੈਂਪ ਦੌਰਾਨ ਮਜ਼ਦੂਰਾਂ ਅਤੇ ਕਰਮਚਾਰੀਆਂ ਦੇ ਖ਼ੂਨ ਦੇ ਨਮੂਨੇ ਲਏ ਗਏ। ਡਾਕਟਰਾਂ ਨੇ ਦੱਸਿਆ ਕਿ ਹੈਪੇਟਾਈਟਸ ਬੀ ਅਤੇ ਸੀ ਤੋਂ ਬਚਾਅ ਲਈ ਸਾਫ਼-ਸਫ਼ਾਈ ਅਤੇ ਸੁਰੱਖਿਅਤ ਟੀਕਾਕਰਨ ਬਹੁਤ ਜ਼ਰੂਰੀ ਹੈ। ਉਨ੍ਹਾਂ ਕਿਹਾ ਕਿ ਸਮੇਂ ਸਿਰ ਜਾਂਚ ਕਰਵਾਉਣ ਨਾਲ ਇਸ ਬਿਮਾਰੀ ਦਾ ਇਲਾਜ ਸੰਭਵ ਹੈ।
ਵਿਸ਼ਵ ਹੈਪੇਟਾਈਟਸ ਦਿਵਸ ਮੌਕੇ ਸਿਹਤ ਵਿਭਾਗ ਅਤੇ ਹਸਪਤਾਲ ਅਧਿਕਾਰੀਆਂ ਵੱਲੋਂ ਪੇਪਰ ਮਿੱਲ ਵਿਖੇ ਮੁਫ਼ਤ ਜਾਂਚ ਅਤੇ ਜਾਗਰੂਕਤਾ ਕੈਂਪ ਲਗਾਇਆ ਗਿਆ। ਕੈਂਪ ਦੌਰਾਨ ਮਜ਼ਦੂਰਾਂ ਅਤੇ ਕਰਮਚਾਰੀਆਂ ਦੇ ਖ਼ੂਨ ਦੇ ਨਮੂਨੇ ਲਏ ਗਏ। ਡਾਕਟਰਾਂ ਨੇ ਦੱਸਿਆ ਕਿ ਹੈਪੇਟਾਈਟਸ ਬੀ ਅਤੇ ਸੀ ਤੋਂ ਬਚਾਅ ਲਈ ਸਾਫ਼-ਸਫ਼ਾਈ ਅਤੇ ਸੁਰੱਖਿਅਤ ਟੀਕਾਕਰਨ ਬਹੁਤ ਜ਼ਰੂਰੀ ਹੈ। ਉਨ੍ਹਾਂ ਕਿਹਾ ਕਿ ਸਮੇਂ ਸਿਰ ਜਾਂਚ ਕਰਵਾਉਣ ਨਾਲ ਇਸ ਬਿਮਾਰੀ ਦਾ ਇਲਾਜ ਸੰਭਵ ਹੈ।
ਸ੍ਰੀ ਅਕਾਲ ਤਖ਼ਤ ਸਾਹਿਬ ਜੀ ਦੇ ਜਥੇਦਾਰ ਕੁਲਦੀਪ ਸਿੰਘ ਗੜਗੱਜ ਨਾਲ ਕੀਤਾ ਦੁੱਖ ਪ੍ਰਗਟ
ਜਗਰਾਉਂ, 30 ਜੁਲਾਈ (ਸਤਨਾਮ ਸਿੰਘ)-
ਸਿੱਖ ਜਥੇਬੰਦੀਆਂ ਦੇ ਆਗੂਆਂ ਨੇ ਸ੍ਰੀ ਅਕਾਲ ਤਖ਼ਤ ਸਾਹਿਬ ਦੇ ਜਥੇਦਾਰ ਗਿਆਨੀ ਕੁਲਦੀਪ ਸਿੰਘ ਗੜਗੱਜ ਨਾਲ ਮੁਲਾਕਾਤ ਕਰਕੇ ਦੁੱਖ ਪ੍ਰਗਟ ਕੀਤਾ ਅਤੇ ਪਰਿਵਾਰ ਨਾਲ ਹਮਦਰਦੀ ਦਾ ਪ੍ਰਗਟਾਵਾ ਕੀਤਾ। ਇਸ ਮੌਕੇ ਵੱਡੀ ਗਿਣਤੀ ਵਿੱਚ ਸੰਗਤਾਂ ਹਾਜ਼ਰ ਸਨ।
ਜਥੇਦਾਰ ਕੁਲਦੀਪ ਸਿੰਘ ਗੜਗੱਜ
ਸ੍ਰੀ ਗੁਰੂ ਹਰਗੋਬਿੰਦ ਸਾਹਿਬ ਬੈਲ ਦੌੜਕ ਵੈਲਫੇਅਰ ਸੋਸਾਇਟੀ ਦੇ ਪ੍ਰਧਾਨ ਜਸਵੀਰ ਸਿੰਘ ਬਿੱਟੂ ਕ੍ਰਿਮ ਕਲਾਂ ਵੱਲੋਂ ਮੁੱਖ ਮੰਤਰੀ ਦਾ ਕੀਤਾ ਗਿਆ ਸਨਮਾਨ
ਸਨਮਾਨ ਕਰਦੇ ਹੋਏ
ਜਗਰਾਉਂ, 30 ਜੁਲਾਈ (ਸਤਨਾਮ ਸਿੰਘ)-
ਸ੍ਰੀ ਗੁਰੂ ਹਰਗੋਬਿੰਦ ਸਾਹਿਬ ਬੈਲ ਦੌੜਕ ਵੈਲਫੇਅਰ ਸੋਸਾਇਟੀ ਦੇ ਪ੍ਰਧਾਨ ਵੱਲੋਂ ਇੱਕ ਸਮਾਗਮ ਦੌਰਾਨ ਵਿਸ਼ੇਸ਼ ਸਨਮਾਨ ਕੀਤਾ ਗਿਆ। ਇਸ ਮੌਕੇ ਸੋਸਾਇਟੀ ਦੇ ਅਹੁਦੇਦਾਰਾਂ ਨੇ ਕਿਹਾ ਕਿ ਬੈਲ ਗੱਡੀਆਂ ਦੀਆਂ ਦੌੜਾਂ ਪੰਜਾਬ ਦੇ ਵਿਰਸੇ ਦਾ ਅਹਿਮ ਹਿੱਸਾ ਹਨ ਅਤੇ ਇਨ੍ਹਾਂ ਨੂੰ ਸੰਭਾਲਣਾ ਸਾਡੀ ਜ਼ਿੰਮੇਵਾਰੀ ਹੈ। ਉਨ੍ਹਾਂ ਸਰਕਾਰ ਤੋਂ ਮੰਗ ਕੀਤੀ ਕਿ ਇਨ੍ਹਾਂ ਰਵਾਇਤੀ ਖੇਡਾਂ ਨੂੰ ਉਤਸ਼ਾਹਿਤ ਕੀਤਾ ਜਾਵੇ।
